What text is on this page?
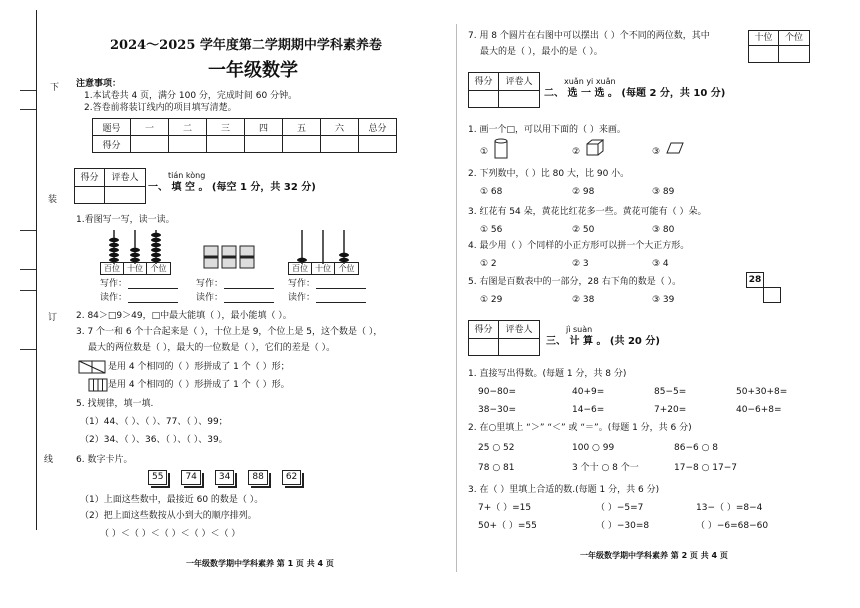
下
装
订
线
2024～2025 学年度第二学期期中学科素养卷
一年级数学
注意事项：
1.本试卷共 4 页，满分 100 分，完成时间 60 分钟。
2.答卷前将装订线内的项目填写清楚。
题号	一	二	三	四	五	六	总分
得分							
得分	评卷人	tián kòng
一、 填 空 。 (每空 1 分，共 32 分)
1.看图写一写，读一读。
百位 十位 个位	百位 十位 个位
写作：
读作：
写作：
读作：
写作：
读作：
2. 84＞□9＞49，□中最大能填（ ），最小能填（ ）。
3. 7 个一和 6 个十合起来是（ ），十位上是 9，个位上是 5，这个数是（ ），
最大的两位数是（ ），最大的一位数是（ ），它们的差是（ ）。
是用 4 个相同的（ ）形拼成了 1 个（ ）形；
是用 4 个相同的（ ）形拼成了 1 个（ ）形。
5. 找规律，填一填.
（1）44、（ ）、（ ）、77、（ ）、99；
（2）34、（ ）、36、（ ）、（ ）、39。
6. 数字卡片。
55	74	34	88	62
（1）上面这些数中，最接近 60 的数是（ ）。
（2）把上面这些数按从小到大的顺序排列。
（ ）＜（ ）＜（ ）＜（ ）＜（ ）
一年级数学期中学科素养 第 1 页 共 4 页
7. 用 8 个圆片在右图中可以摆出（ ）个不同的两位数，其中
最大的是（ ），最小的是（ ）。
十位	个位
得分	评卷人	xuǎn yi xuǎn
二、 选 一 选 。 (每题 2 分，共 10 分)
1. 画一个□，可以用下面的（ ）来画。
①	②	③
2. 下列数中，（ ）比 80 大，比 90 小。
① 68	② 98	③ 89
3. 红花有 54 朵，黄花比红花多一些。黄花可能有（ ）朵。
① 56	② 50	③ 80
4. 最少用（ ）个同样的小正方形可以拼一个大正方形。
① 2	② 3	③ 4
5. 右图是百数表中的一部分，28 右下角的数是（ ）。	28
① 29	② 38	③ 39
得分	评卷人	jì suàn
三、 计 算 。 (共 20 分)
1. 直接写出得数。(每题 1 分，共 8 分)
90−80=	40+9=	85−5=	50+30+8=
38−30=	14−6=	7+20=	40−6+8=
2. 在○里填上 “＞” “＜” 或 “＝”。(每题 1 分，共 6 分)
25 ○ 52	100 ○ 99	86−6 ○ 8
78 ○ 81	3 个十 ○ 8 个一	17−8 ○ 17−7
3. 在（ ）里填上合适的数.(每题 1 分，共 6 分)
7+（ ）=15	（ ）−5=7	13−（ ）=8−4
50+（ ）=55	（ ）−30=8	（ ）−6=68−60
一年级数学期中学科素养 第 2 页 共 4 页
